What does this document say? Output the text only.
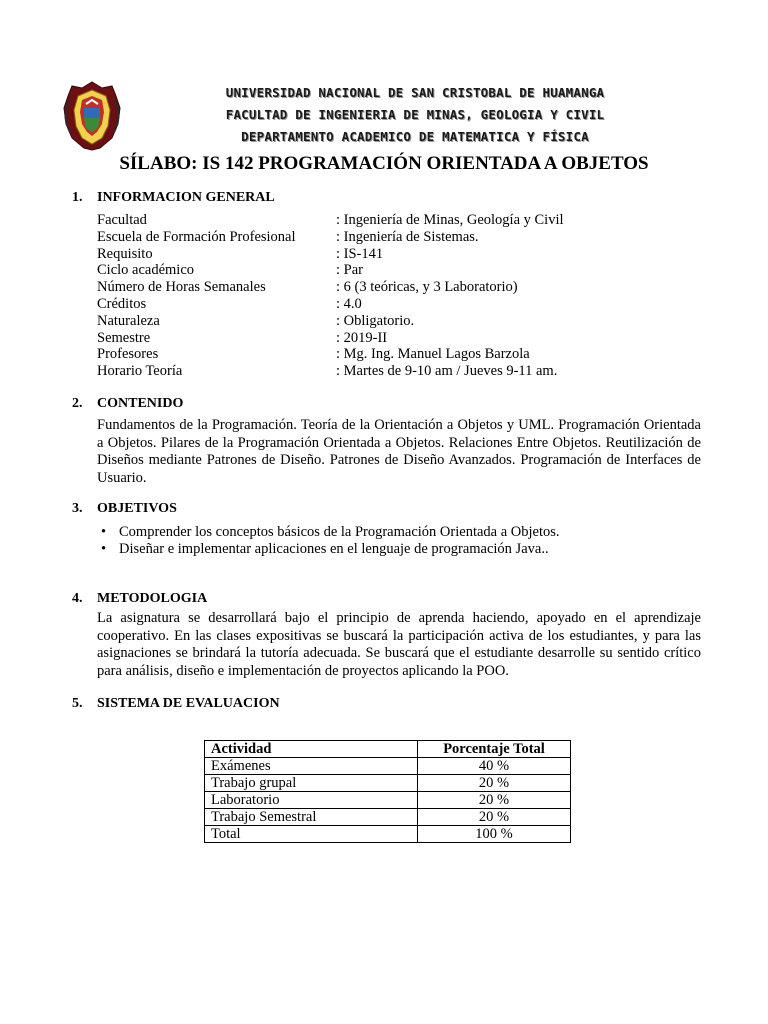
UNIVERSIDAD NACIONAL DE SAN CRISTOBAL DE HUAMANGA
FACULTAD DE INGENIERIA DE MINAS, GEOLOGIA Y CIVIL
DEPARTAMENTO ACADEMICO DE MATEMATICA Y FÍSICA
SÍLABO: IS 142 PROGRAMACIÓN ORIENTADA A OBJETOS
1. INFORMACION GENERAL
Facultad	: Ingeniería de Minas, Geología y Civil
Escuela de Formación Profesional	: Ingeniería de Sistemas.
Requisito	: IS-141
Ciclo académico	: Par
Número de Horas Semanales	: 6 (3 teóricas, y 3 Laboratorio)
Créditos	: 4.0
Naturaleza	: Obligatorio.
Semestre	: 2019-II
Profesores	: Mg. Ing. Manuel Lagos Barzola
Horario Teoría	: Martes de 9-10 am / Jueves 9-11 am.
2. CONTENIDO
Fundamentos de la Programación. Teoría de la Orientación a Objetos y UML. Programación Orientada a Objetos. Pilares de la Programación Orientada a Objetos. Relaciones Entre Objetos. Reutilización de Diseños mediante Patrones de Diseño. Patrones de Diseño Avanzados. Programación de Interfaces de Usuario.
3. OBJETIVOS
• Comprender los conceptos básicos de la Programación Orientada a Objetos.
• Diseñar e implementar aplicaciones en el lenguaje de programación Java..
4. METODOLOGIA
La asignatura se desarrollará bajo el principio de aprenda haciendo, apoyado en el aprendizaje cooperativo. En las clases expositivas se buscará la participación activa de los estudiantes, y para las asignaciones se brindará la tutoría adecuada. Se buscará que el estudiante desarrolle su sentido crítico para análisis, diseño e implementación de proyectos aplicando la POO.
5. SISTEMA DE EVALUACION
Actividad	Porcentaje Total
Exámenes	40 %
Trabajo grupal	20 %
Laboratorio	20 %
Trabajo Semestral	20 %
Total	100 %
